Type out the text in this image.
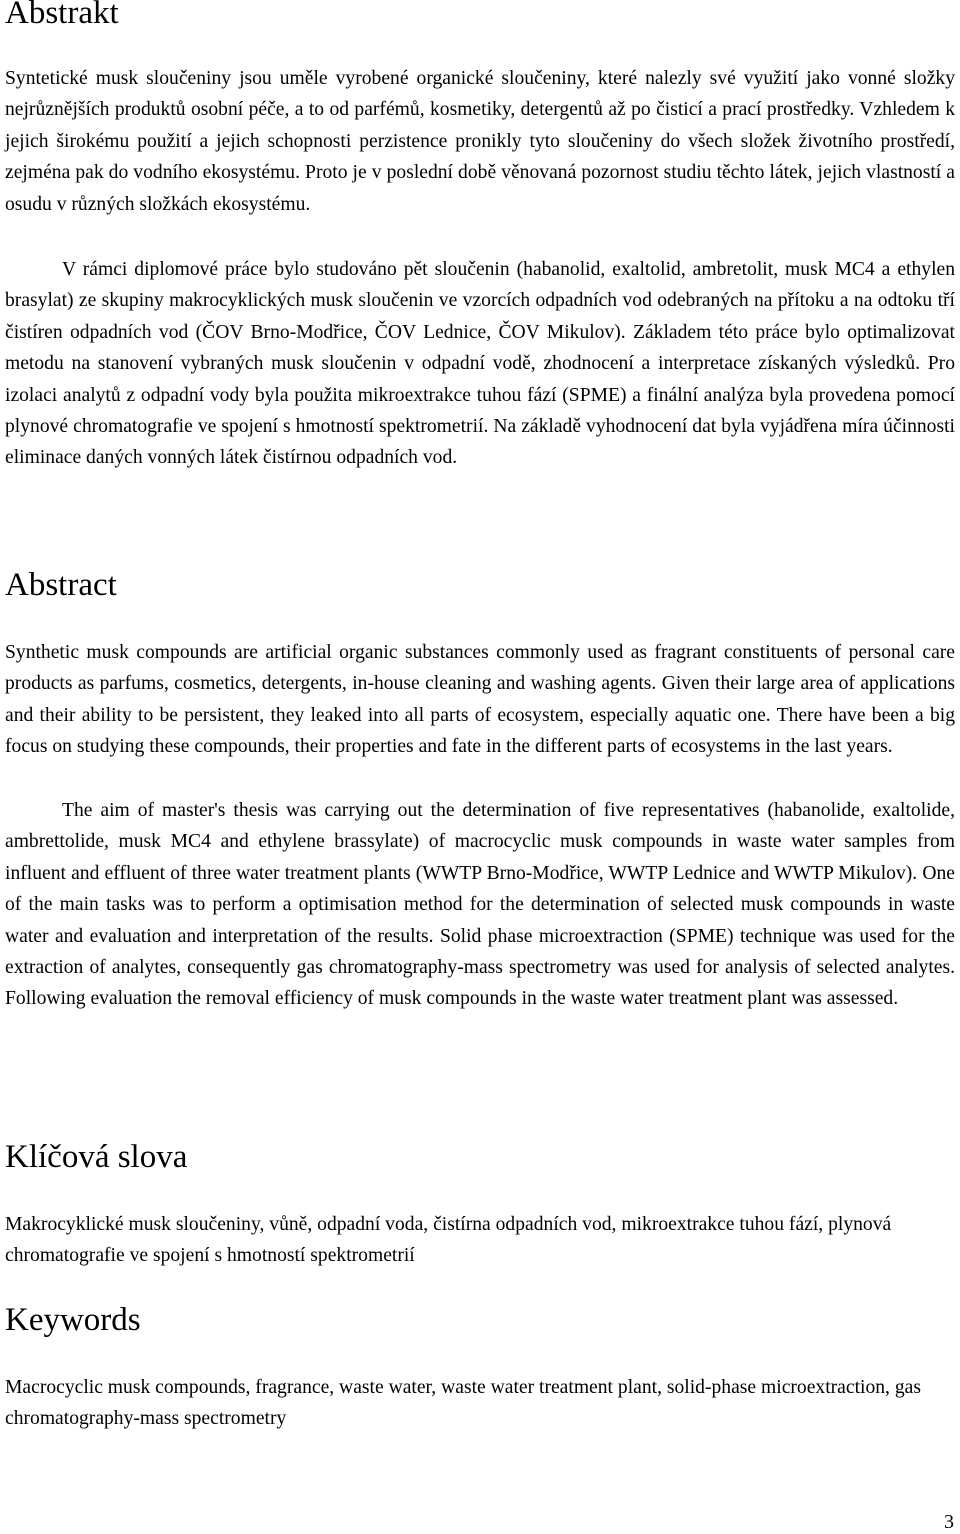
Abstrakt

Syntetické musk sloučeniny jsou uměle vyrobené organické sloučeniny, které nalezly své využití jako vonné složky nejrůznějších produktů osobní péče, a to od parfémů, kosmetiky, detergentů až po čisticí a prací prostředky. Vzhledem k jejich širokému použití a jejich schopnosti perzistence pronikly tyto sloučeniny do všech složek životního prostředí, zejména pak do vodního ekosystému. Proto je v poslední době věnovaná pozornost studiu těchto látek, jejich vlastností a osudu v různých složkách ekosystému.

V rámci diplomové práce bylo studováno pět sloučenin (habanolid, exaltolid, ambretolit, musk MC4 a ethylen brasylat) ze skupiny makrocyklických musk sloučenin ve vzorcích odpadních vod odebraných na přítoku a na odtoku tří čistíren odpadních vod (ČOV Brno-Modřice, ČOV Lednice, ČOV Mikulov). Základem této práce bylo optimalizovat metodu na stanovení vybraných musk sloučenin v odpadní vodě, zhodnocení a interpretace získaných výsledků. Pro izolaci analytů z odpadní vody byla použita mikroextrakce tuhou fází (SPME) a finální analýza byla provedena pomocí plynové chromatografie ve spojení s hmotností spektrometrií. Na základě vyhodnocení dat byla vyjádřena míra účinnosti eliminace daných vonných látek čistírnou odpadních vod.

Abstract

Synthetic musk compounds are artificial organic substances commonly used as fragrant constituents of personal care products as parfums, cosmetics, detergents, in-house cleaning and washing agents. Given their large area of applications and their ability to be persistent, they leaked into all parts of ecosystem, especially aquatic one. There have been a big focus on studying these compounds, their properties and fate in the different parts of ecosystems in the last years.

The aim of master's thesis was carrying out the determination of five representatives (habanolide, exaltolide, ambrettolide, musk MC4 and ethylene brassylate) of macrocyclic musk compounds in waste water samples from influent and effluent of three water treatment plants (WWTP Brno-Modřice, WWTP Lednice and WWTP Mikulov). One of the main tasks was to perform a optimisation method for the determination of selected musk compounds in waste water and evaluation and interpretation of the results. Solid phase microextraction (SPME) technique was used for the extraction of analytes, consequently gas chromatography-mass spectrometry was used for analysis of selected analytes. Following evaluation the removal efficiency of musk compounds in the waste water treatment plant was assessed.

Klíčová slova

Makrocyklické musk sloučeniny, vůně, odpadní voda, čistírna odpadních vod, mikroextrakce tuhou fází, plynová chromatografie ve spojení s hmotností spektrometrií

Keywords

Macrocyclic musk compounds, fragrance, waste water, waste water treatment plant, solid-phase microextraction, gas chromatography-mass spectrometry

3
